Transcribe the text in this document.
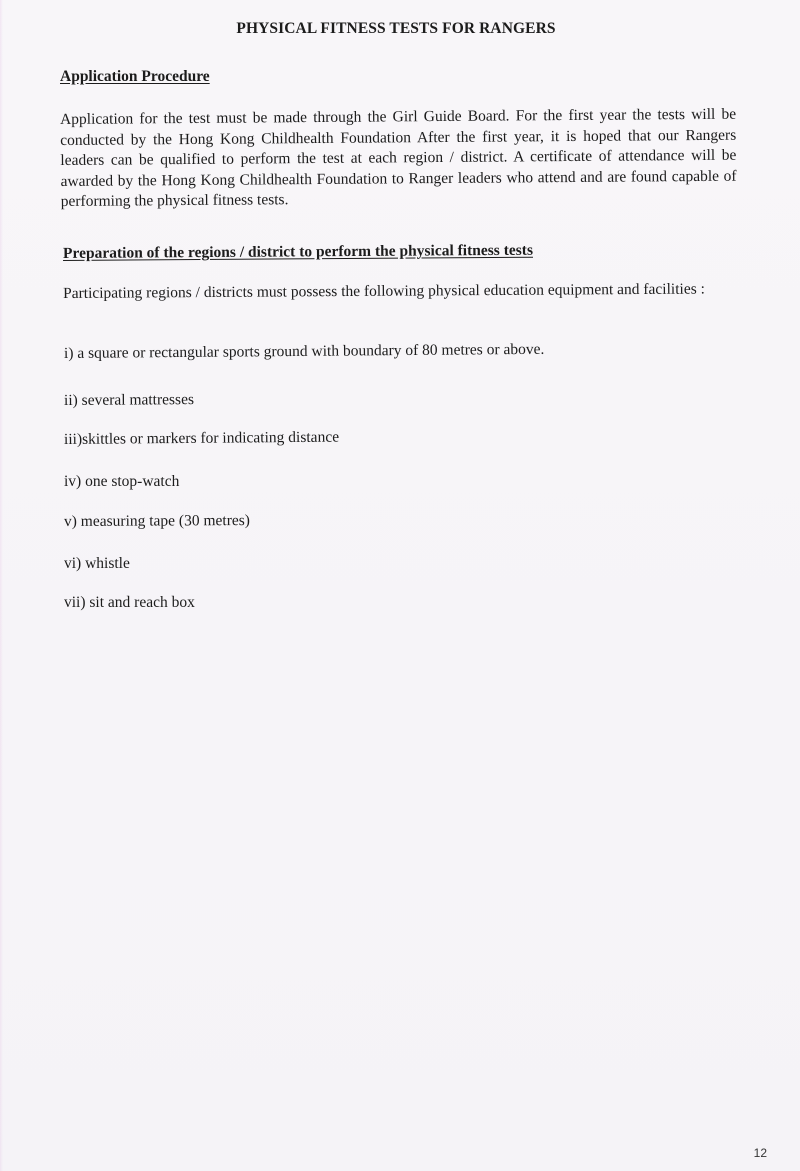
PHYSICAL FITNESS TESTS FOR RANGERS
Application Procedure
Application for the test must be made through the Girl Guide Board. For the first year the tests will be conducted by the Hong Kong Childhealth Foundation After the first year, it is hoped that our Rangers leaders can be qualified to perform the test at each region / district. A certificate of attendance will be awarded by the Hong Kong Childhealth Foundation to Ranger leaders who attend and are found capable of performing the physical fitness tests.
Preparation of the regions / district to perform the physical fitness tests
Participating regions / districts must possess the following physical education equipment and facilities :
i) a square or rectangular sports ground with boundary of 80 metres or above.
ii) several mattresses
iii)skittles or markers for indicating distance
iv) one stop-watch
v) measuring tape (30 metres)
vi) whistle
vii) sit and reach box
12
